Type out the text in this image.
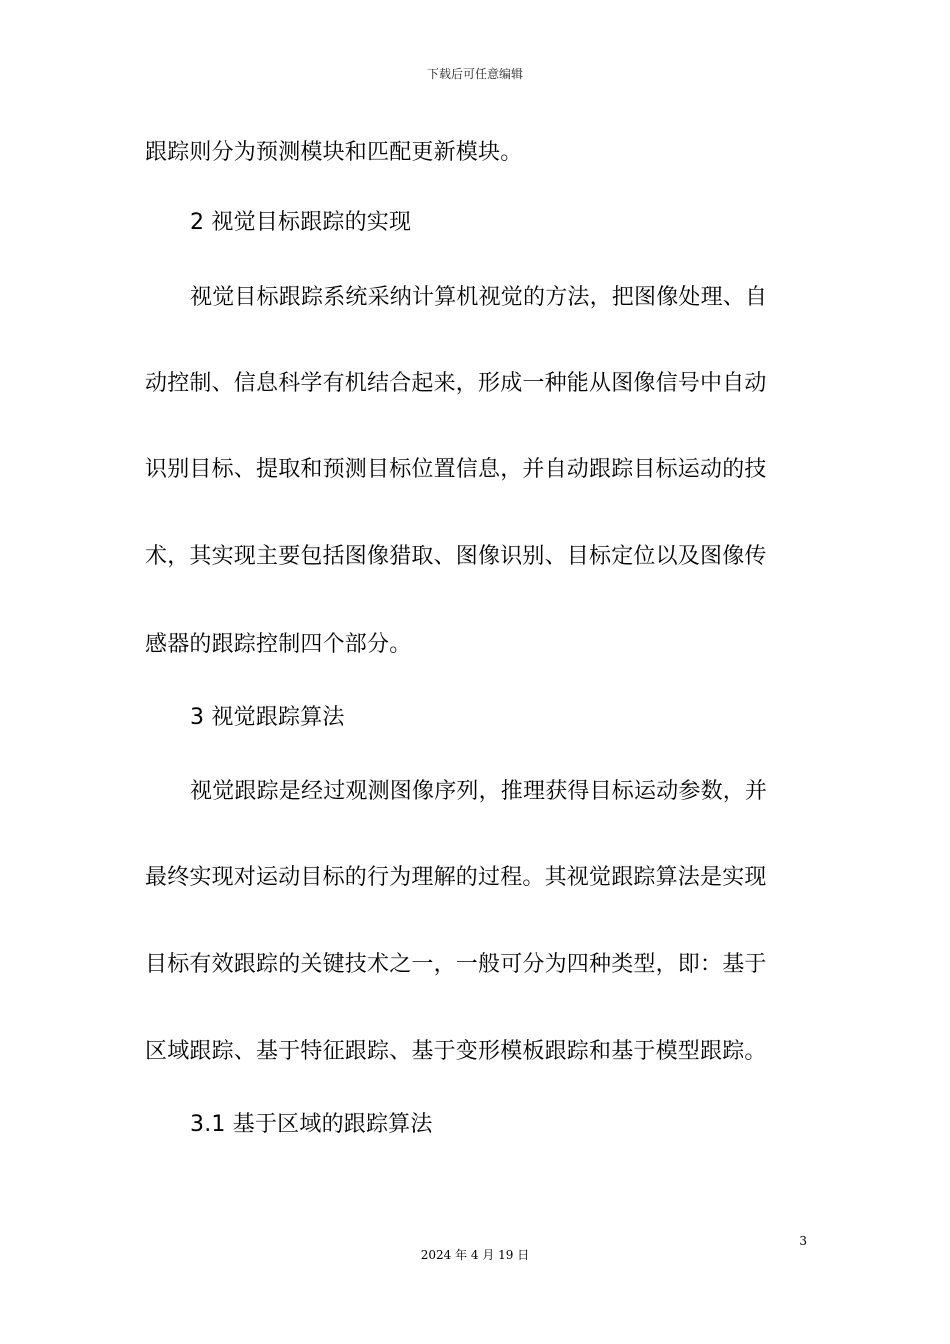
下载后可任意编辑
跟踪则分为预测模块和匹配更新模块。
2 视觉目标跟踪的实现
视觉目标跟踪系统采纳计算机视觉的方法，把图像处理、自
动控制、信息科学有机结合起来，形成一种能从图像信号中自动
识别目标、提取和预测目标位置信息，并自动跟踪目标运动的技
术，其实现主要包括图像猎取、图像识别、目标定位以及图像传
感器的跟踪控制四个部分。
3 视觉跟踪算法
视觉跟踪是经过观测图像序列，推理获得目标运动参数，并
最终实现对运动目标的行为理解的过程。其视觉跟踪算法是实现
目标有效跟踪的关键技术之一，一般可分为四种类型，即：基于
区域跟踪、基于特征跟踪、基于变形模板跟踪和基于模型跟踪。
3.1 基于区域的跟踪算法
3
2024 年 4 月 19 日
